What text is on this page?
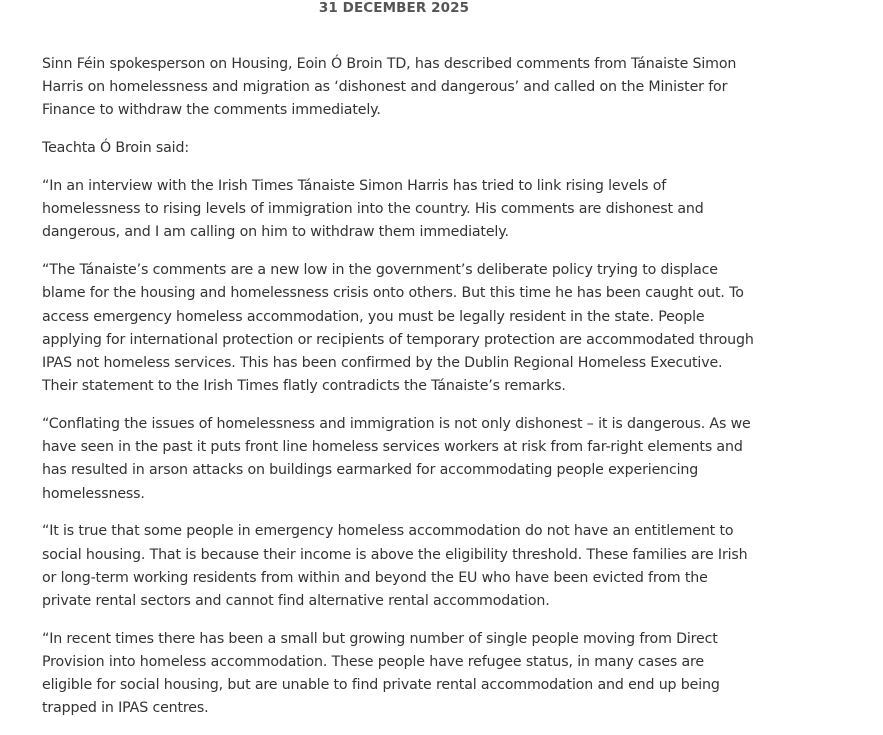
31 DECEMBER 2025

Sinn Féin spokesperson on Housing, Eoin Ó Broin TD, has described comments from Tánaiste Simon Harris on homelessness and migration as ‘dishonest and dangerous’ and called on the Minister for Finance to withdraw the comments immediately.

Teachta Ó Broin said:

“In an interview with the Irish Times Tánaiste Simon Harris has tried to link rising levels of homelessness to rising levels of immigration into the country. His comments are dishonest and dangerous, and I am calling on him to withdraw them immediately.

“The Tánaiste’s comments are a new low in the government’s deliberate policy trying to displace blame for the housing and homelessness crisis onto others. But this time he has been caught out. To access emergency homeless accommodation, you must be legally resident in the state. People applying for international protection or recipients of temporary protection are accommodated through IPAS not homeless services. This has been confirmed by the Dublin Regional Homeless Executive. Their statement to the Irish Times flatly contradicts the Tánaiste’s remarks.

“Conflating the issues of homelessness and immigration is not only dishonest – it is dangerous. As we have seen in the past it puts front line homeless services workers at risk from far-right elements and has resulted in arson attacks on buildings earmarked for accommodating people experiencing homelessness.

“It is true that some people in emergency homeless accommodation do not have an entitlement to social housing. That is because their income is above the eligibility threshold. These families are Irish or long-term working residents from within and beyond the EU who have been evicted from the private rental sectors and cannot find alternative rental accommodation.

“In recent times there has been a small but growing number of single people moving from Direct Provision into homeless accommodation. These people have refugee status, in many cases are eligible for social housing, but are unable to find private rental accommodation and end up being trapped in IPAS centres.
